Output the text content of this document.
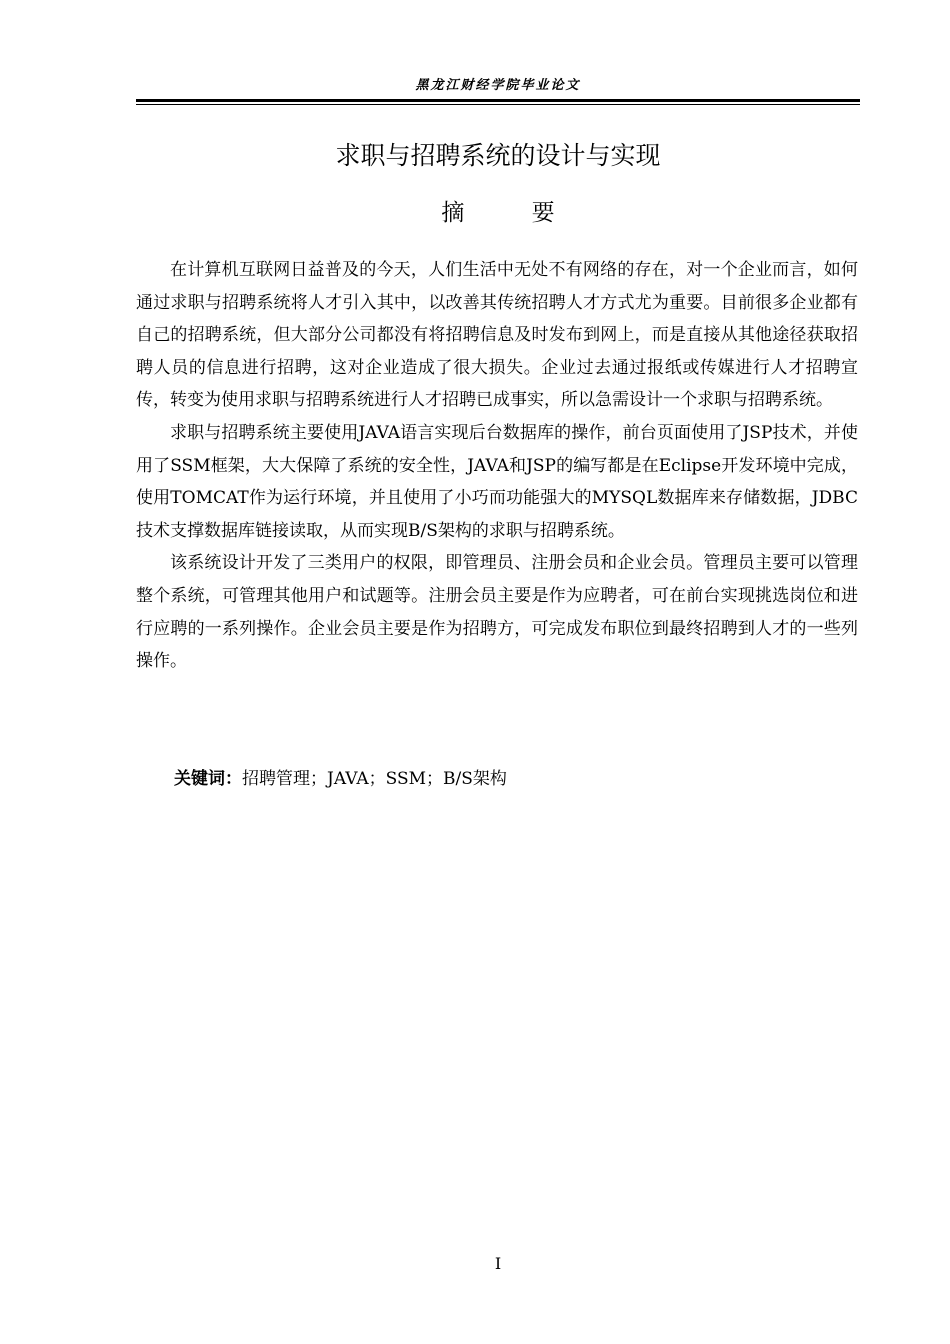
黑龙江财经学院毕业论文
求职与招聘系统的设计与实现
摘 要

在计算机互联网日益普及的今天，人们生活中无处不有网络的存在，对一个企业而言，如何通过求职与招聘系统将人才引入其中，以改善其传统招聘人才方式尤为重要。目前很多企业都有自己的招聘系统，但大部分公司都没有将招聘信息及时发布到网上，而是直接从其他途径获取招聘人员的信息进行招聘，这对企业造成了很大损失。企业过去通过报纸或传媒进行人才招聘宣传，转变为使用求职与招聘系统进行人才招聘已成事实，所以急需设计一个求职与招聘系统。

求职与招聘系统主要使用JAVA语言实现后台数据库的操作，前台页面使用了JSP技术，并使用了SSM框架，大大保障了系统的安全性，JAVA和JSP的编写都是在Eclipse开发环境中完成，使用TOMCAT作为运行环境，并且使用了小巧而功能强大的MYSQL数据库来存储数据，JDBC技术支撑数据库链接读取，从而实现B/S架构的求职与招聘系统。

该系统设计开发了三类用户的权限，即管理员、注册会员和企业会员。管理员主要可以管理整个系统，可管理其他用户和试题等。注册会员主要是作为应聘者，可在前台实现挑选岗位和进行应聘的一系列操作。企业会员主要是作为招聘方，可完成发布职位到最终招聘到人才的一些列操作。

关键词：招聘管理；JAVA；SSM；B/S架构
I
